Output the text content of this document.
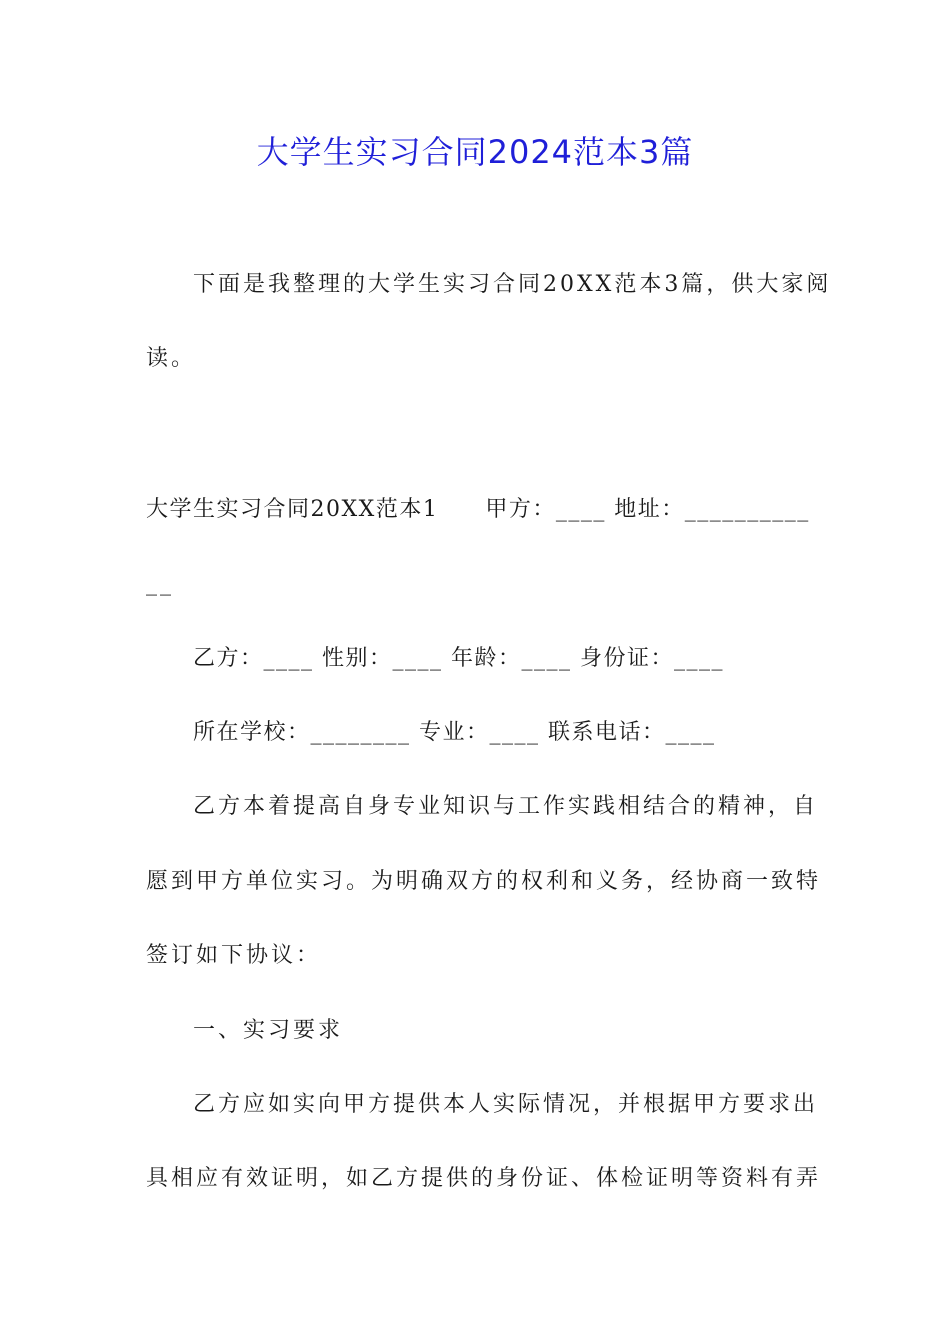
大学生实习合同2024范本3篇
下面是我整理的大学生实习合同20XX范本3篇，供大家阅
读。
大学生实习合同20XX范本1　　甲方：____ 地址：__________
__
乙方：____ 性别：____ 年龄：____ 身份证：____
所在学校：________ 专业：____ 联系电话：____
乙方本着提高自身专业知识与工作实践相结合的精神，自
愿到甲方单位实习。为明确双方的权利和义务，经协商一致特
签订如下协议：
一、实习要求
乙方应如实向甲方提供本人实际情况，并根据甲方要求出
具相应有效证明，如乙方提供的身份证、体检证明等资料有弄
